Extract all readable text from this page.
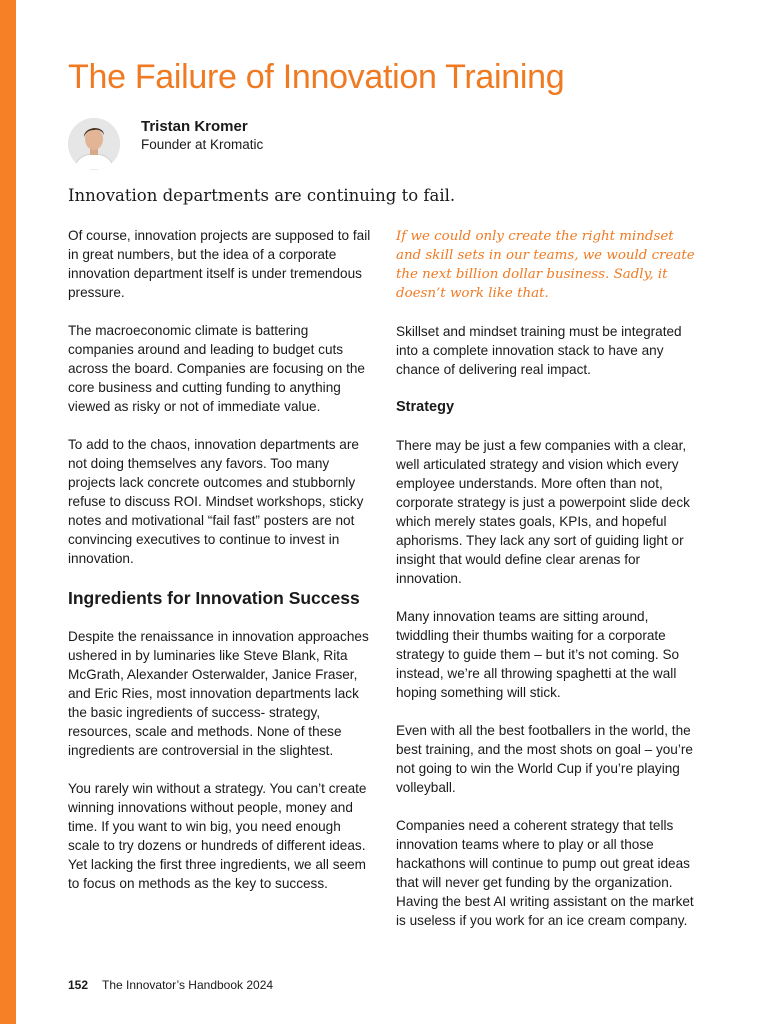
The Failure of Innovation Training
Tristan Kromer
Founder at Kromatic
Innovation departments are continuing to fail.

Of course, innovation projects are supposed to fail in great numbers, but the idea of a corporate innovation department itself is under tremendous pressure.

The macroeconomic climate is battering companies around and leading to budget cuts across the board. Companies are focusing on the core business and cutting funding to anything viewed as risky or not of immediate value.

To add to the chaos, innovation departments are not doing themselves any favors. Too many projects lack concrete outcomes and stubbornly refuse to discuss ROI. Mindset workshops, sticky notes and motivational “fail fast” posters are not convincing executives to continue to invest in innovation.

Ingredients for Innovation Success

Despite the renaissance in innovation approaches ushered in by luminaries like Steve Blank, Rita McGrath, Alexander Osterwalder, Janice Fraser, and Eric Ries, most innovation departments lack the basic ingredients of success- strategy, resources, scale and methods. None of these ingredients are controversial in the slightest.

You rarely win without a strategy. You can’t create winning innovations without people, money and time. If you want to win big, you need enough scale to try dozens or hundreds of different ideas. Yet lacking the first three ingredients, we all seem to focus on methods as the key to success.

If we could only create the right mindset and skill sets in our teams, we would create the next billion dollar business. Sadly, it doesn’t work like that.

Skillset and mindset training must be integrated into a complete innovation stack to have any chance of delivering real impact.

Strategy

There may be just a few companies with a clear, well articulated strategy and vision which every employee understands. More often than not, corporate strategy is just a powerpoint slide deck which merely states goals, KPIs, and hopeful aphorisms. They lack any sort of guiding light or insight that would define clear arenas for innovation.

Many innovation teams are sitting around, twiddling their thumbs waiting for a corporate strategy to guide them – but it’s not coming. So instead, we’re all throwing spaghetti at the wall hoping something will stick.

Even with all the best footballers in the world, the best training, and the most shots on goal – you’re not going to win the World Cup if you’re playing volleyball.

Companies need a coherent strategy that tells innovation teams where to play or all those hackathons will continue to pump out great ideas that will never get funding by the organization. Having the best AI writing assistant on the market is useless if you work for an ice cream company.

152 The Innovator’s Handbook 2024
